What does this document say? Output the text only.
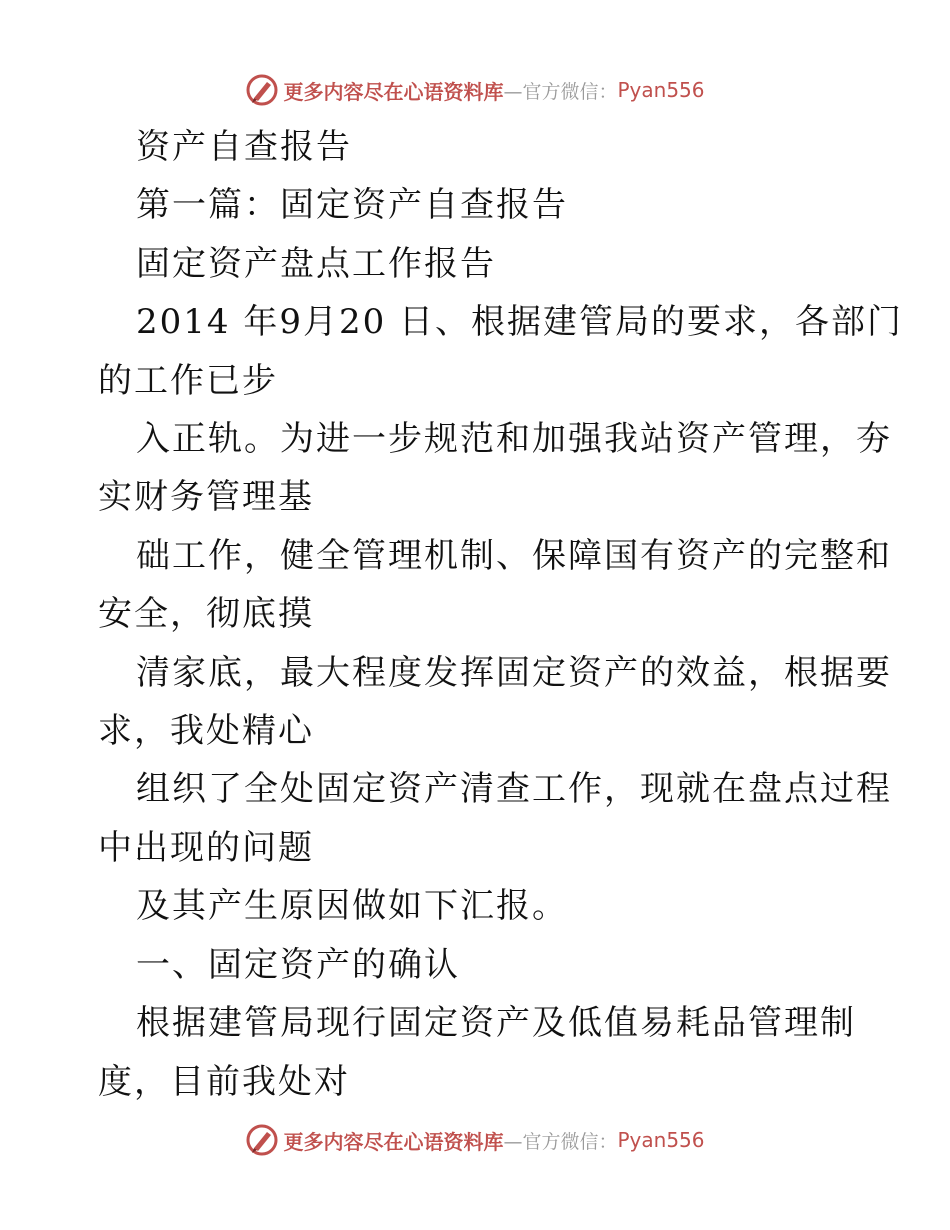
更多内容尽在心语资料库 —官方微信： Pyan556

资产自查报告

第一篇：固定资产自查报告

固定资产盘点工作报告

2014 年9月20 日、根据建管局的要求，各部门

的工作已步

入正轨。为进一步规范和加强我站资产管理，夯

实财务管理基

础工作，健全管理机制、保障国有资产的完整和

安全，彻底摸

清家底，最大程度发挥固定资产的效益，根据要

求，我处精心

组织了全处固定资产清查工作，现就在盘点过程

中出现的问题

及其产生原因做如下汇报。

一、固定资产的确认

根据建管局现行固定资产及低值易耗品管理制

度，目前我处对

更多内容尽在心语资料库 —官方微信： Pyan556
